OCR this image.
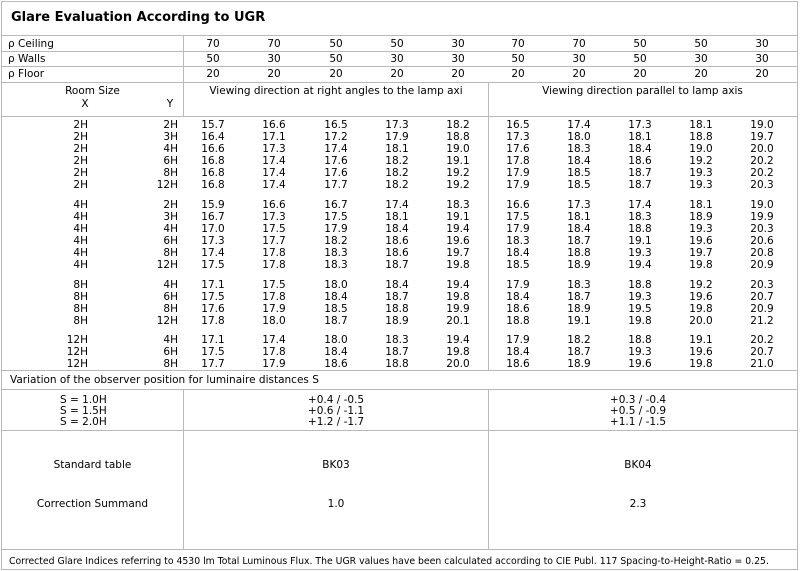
Glare Evaluation According to UGR
ρ Ceiling	70	70	50	50	30	70	70	50	50	30
ρ Walls	50	30	50	30	30	50	30	50	30	30
ρ Floor	20	20	20	20	20	20	20	20	20	20
Room Size
X	Y
Viewing direction at right angles to the lamp axi	Viewing direction parallel to lamp axis
2H	2H	15.7	16.6	16.5	17.3	18.2	16.5	17.4	17.3	18.1	19.0
2H	3H	16.4	17.1	17.2	17.9	18.8	17.3	18.0	18.1	18.8	19.7
2H	4H	16.6	17.3	17.4	18.1	19.0	17.6	18.3	18.4	19.0	20.0
2H	6H	16.8	17.4	17.6	18.2	19.1	17.8	18.4	18.6	19.2	20.2
2H	8H	16.8	17.4	17.6	18.2	19.2	17.9	18.5	18.7	19.3	20.2
2H	12H	16.8	17.4	17.7	18.2	19.2	17.9	18.5	18.7	19.3	20.3
4H	2H	15.9	16.6	16.7	17.4	18.3	16.6	17.3	17.4	18.1	19.0
4H	3H	16.7	17.3	17.5	18.1	19.1	17.5	18.1	18.3	18.9	19.9
4H	4H	17.0	17.5	17.9	18.4	19.4	17.9	18.4	18.8	19.3	20.3
4H	6H	17.3	17.7	18.2	18.6	19.6	18.3	18.7	19.1	19.6	20.6
4H	8H	17.4	17.8	18.3	18.6	19.7	18.4	18.8	19.3	19.7	20.8
4H	12H	17.5	17.8	18.3	18.7	19.8	18.5	18.9	19.4	19.8	20.9
8H	4H	17.1	17.5	18.0	18.4	19.4	17.9	18.3	18.8	19.2	20.3
8H	6H	17.5	17.8	18.4	18.7	19.8	18.4	18.7	19.3	19.6	20.7
8H	8H	17.6	17.9	18.5	18.8	19.9	18.6	18.9	19.5	19.8	20.9
8H	12H	17.8	18.0	18.7	18.9	20.1	18.8	19.1	19.8	20.0	21.2
12H	4H	17.1	17.4	18.0	18.3	19.4	17.9	18.2	18.8	19.1	20.2
12H	6H	17.5	17.8	18.4	18.7	19.8	18.4	18.7	19.3	19.6	20.7
12H	8H	17.7	17.9	18.6	18.8	20.0	18.6	18.9	19.6	19.8	21.0
Variation of the observer position for luminaire distances S
S = 1.0H	+0.4 / -0.5	+0.3 / -0.4
S = 1.5H	+0.6 / -1.1	+0.5 / -0.9
S = 2.0H	+1.2 / -1.7	+1.1 / -1.5
Standard table	BK03	BK04
Correction Summand	1.0	2.3
Corrected Glare Indices referring to 4530 lm Total Luminous Flux. The UGR values have been calculated according to CIE Publ. 117 Spacing-to-Height-Ratio = 0.25.
